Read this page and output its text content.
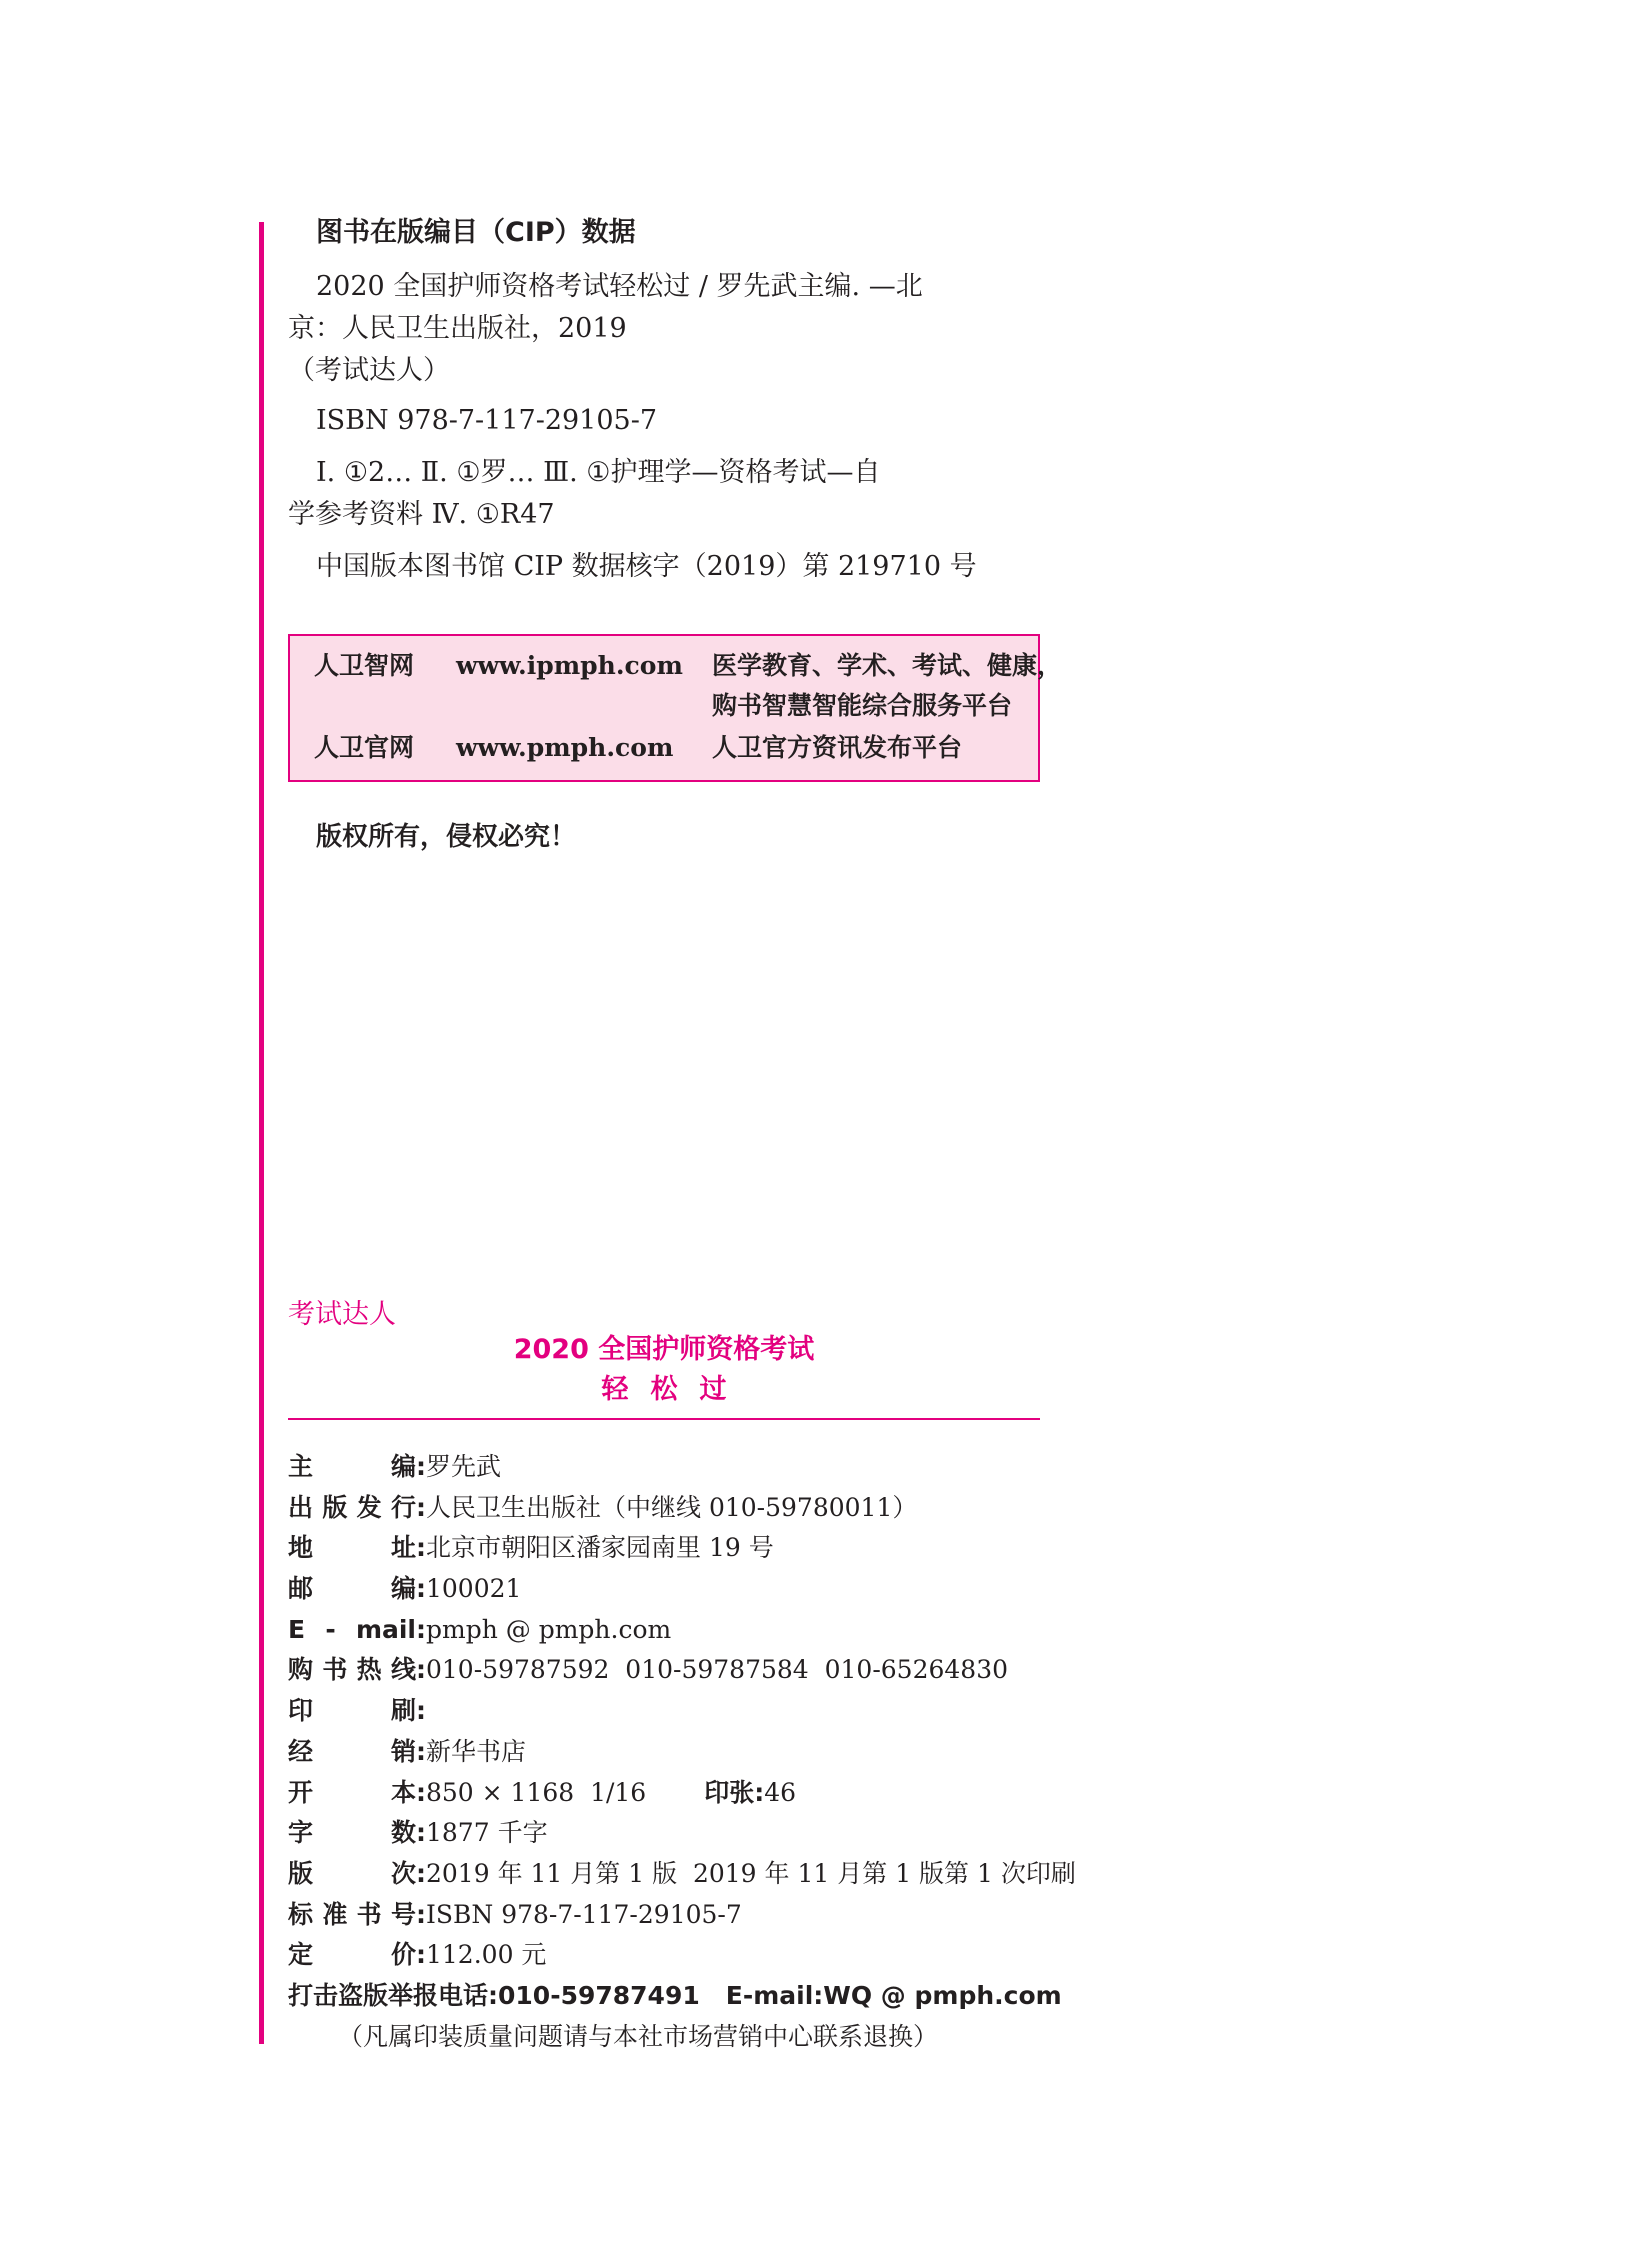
图书在版编目（CIP）数据
2020 全国护师资格考试轻松过 / 罗先武主编. —北
京：人民卫生出版社，2019
（考试达人）
ISBN 978-7-117-29105-7
Ⅰ. ①2… Ⅱ. ①罗… Ⅲ. ①护理学—资格考试—自
学参考资料 Ⅳ. ①R47
中国版本图书馆 CIP 数据核字（2019）第 219710 号
人卫智网 www.ipmph.com 医学教育、学术、考试、健康，
购书智慧智能综合服务平台
人卫官网 www.pmph.com 人卫官方资讯发布平台
版权所有，侵权必究！
考试达人
2020 全国护师资格考试
轻松过
主编:罗先武
出版发行:人民卫生出版社（中继线 010-59780011）
地址:北京市朝阳区潘家园南里 19 号
邮编:100021
E - mail:pmph @ pmph.com
购书热线:010-59787592  010-59787584  010-65264830
印刷:
经销:新华书店
开本:850 × 1168  1/16 印张:46
字数:1877 千字
版次:2019 年 11 月第 1 版  2019 年 11 月第 1 版第 1 次印刷
标准书号:ISBN 978-7-117-29105-7
定价:112.00 元
打击盗版举报电话:010-59787491 E-mail:WQ @ pmph.com
（凡属印装质量问题请与本社市场营销中心联系退换）
